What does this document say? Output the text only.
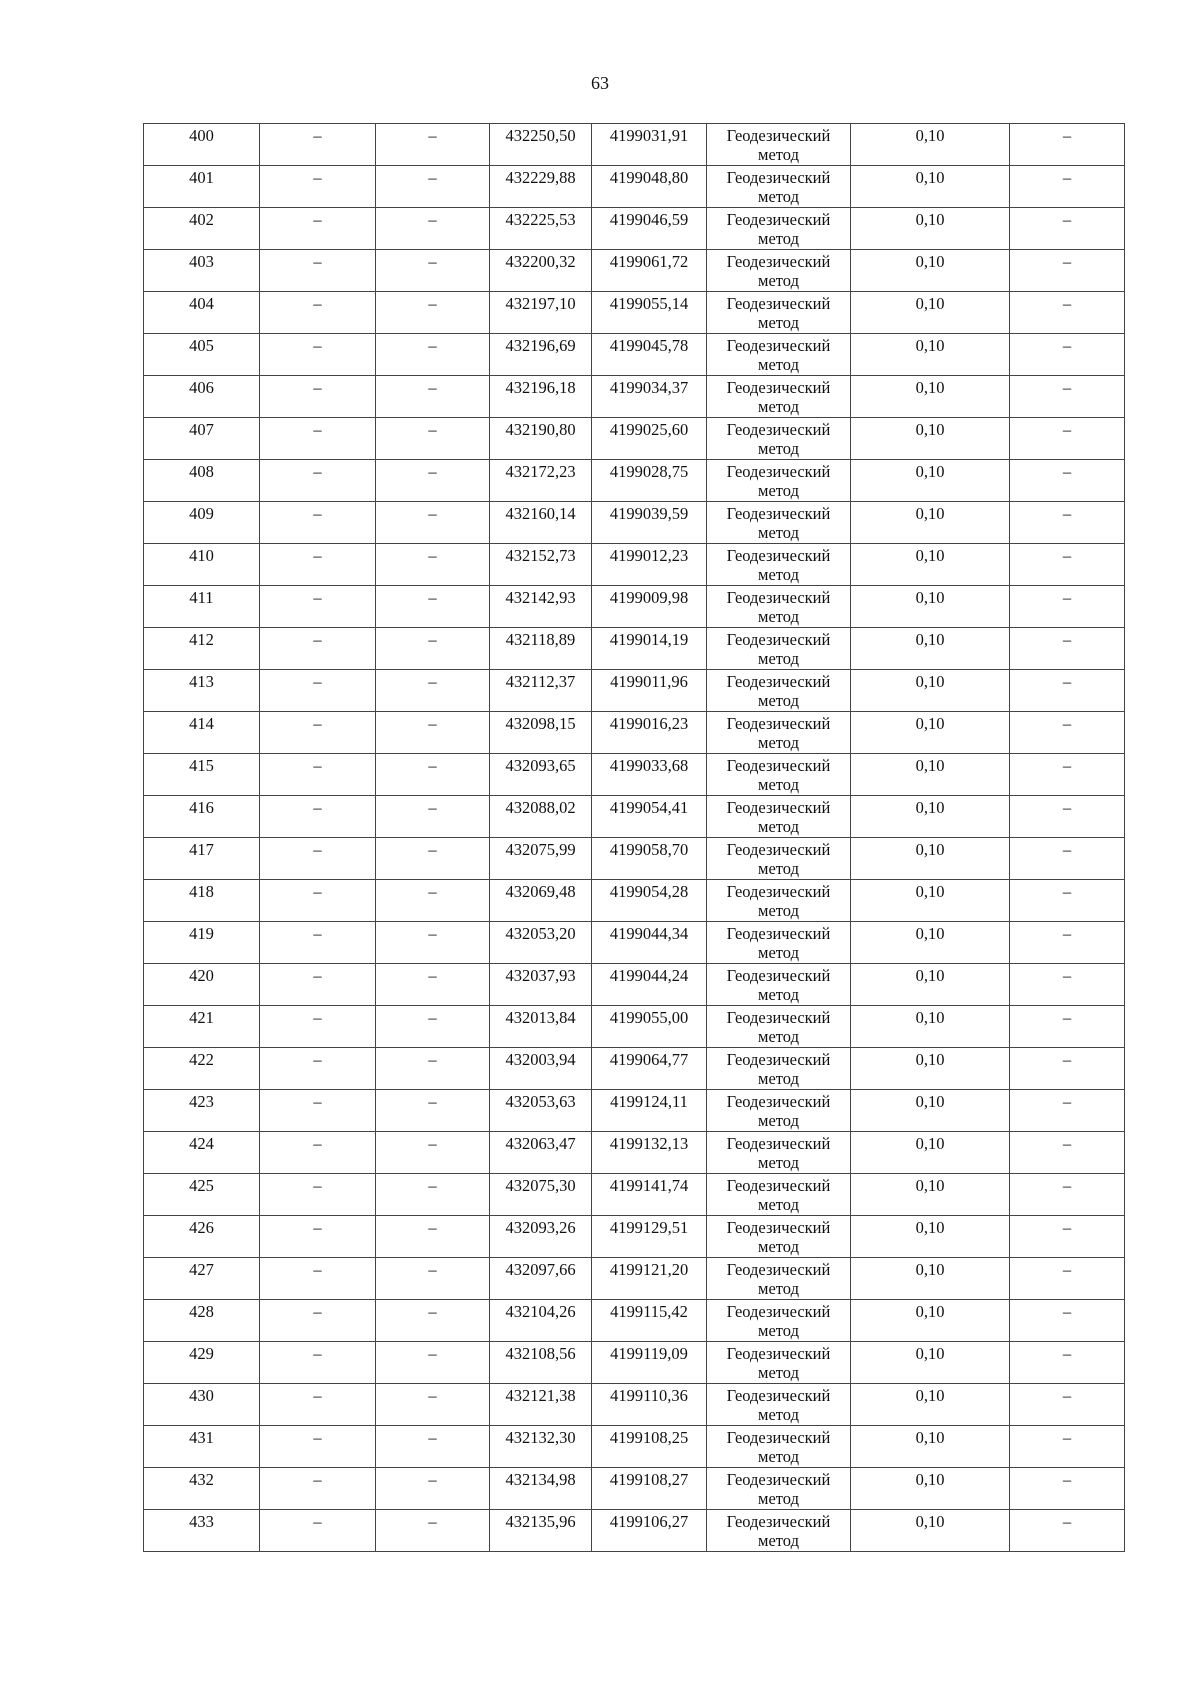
63
400	–	–	432250,50	4199031,91	Геодезический метод	0,10	–
401	–	–	432229,88	4199048,80	Геодезический метод	0,10	–
402	–	–	432225,53	4199046,59	Геодезический метод	0,10	–
403	–	–	432200,32	4199061,72	Геодезический метод	0,10	–
404	–	–	432197,10	4199055,14	Геодезический метод	0,10	–
405	–	–	432196,69	4199045,78	Геодезический метод	0,10	–
406	–	–	432196,18	4199034,37	Геодезический метод	0,10	–
407	–	–	432190,80	4199025,60	Геодезический метод	0,10	–
408	–	–	432172,23	4199028,75	Геодезический метод	0,10	–
409	–	–	432160,14	4199039,59	Геодезический метод	0,10	–
410	–	–	432152,73	4199012,23	Геодезический метод	0,10	–
411	–	–	432142,93	4199009,98	Геодезический метод	0,10	–
412	–	–	432118,89	4199014,19	Геодезический метод	0,10	–
413	–	–	432112,37	4199011,96	Геодезический метод	0,10	–
414	–	–	432098,15	4199016,23	Геодезический метод	0,10	–
415	–	–	432093,65	4199033,68	Геодезический метод	0,10	–
416	–	–	432088,02	4199054,41	Геодезический метод	0,10	–
417	–	–	432075,99	4199058,70	Геодезический метод	0,10	–
418	–	–	432069,48	4199054,28	Геодезический метод	0,10	–
419	–	–	432053,20	4199044,34	Геодезический метод	0,10	–
420	–	–	432037,93	4199044,24	Геодезический метод	0,10	–
421	–	–	432013,84	4199055,00	Геодезический метод	0,10	–
422	–	–	432003,94	4199064,77	Геодезический метод	0,10	–
423	–	–	432053,63	4199124,11	Геодезический метод	0,10	–
424	–	–	432063,47	4199132,13	Геодезический метод	0,10	–
425	–	–	432075,30	4199141,74	Геодезический метод	0,10	–
426	–	–	432093,26	4199129,51	Геодезический метод	0,10	–
427	–	–	432097,66	4199121,20	Геодезический метод	0,10	–
428	–	–	432104,26	4199115,42	Геодезический метод	0,10	–
429	–	–	432108,56	4199119,09	Геодезический метод	0,10	–
430	–	–	432121,38	4199110,36	Геодезический метод	0,10	–
431	–	–	432132,30	4199108,25	Геодезический метод	0,10	–
432	–	–	432134,98	4199108,27	Геодезический метод	0,10	–
433	–	–	432135,96	4199106,27	Геодезический метод	0,10	–
